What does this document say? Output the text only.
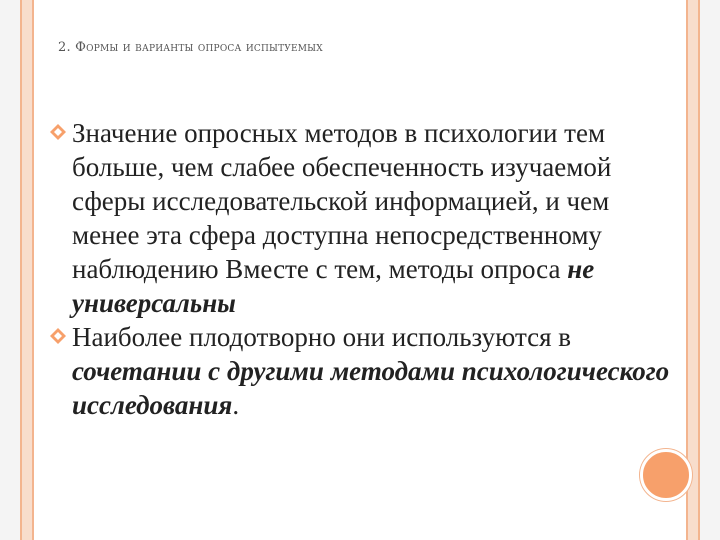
2. Формы и варианты опроса испытуемых

Значение опросных методов в психологии тем больше, чем слабее обеспеченность изучаемой сферы исследовательской информацией, и чем менее эта сфера доступна непосредственному наблюдению Вместе с тем, методы опроса не универсальны

Наиболее плодотворно они используются в сочетании с другими методами психологического исследования.
